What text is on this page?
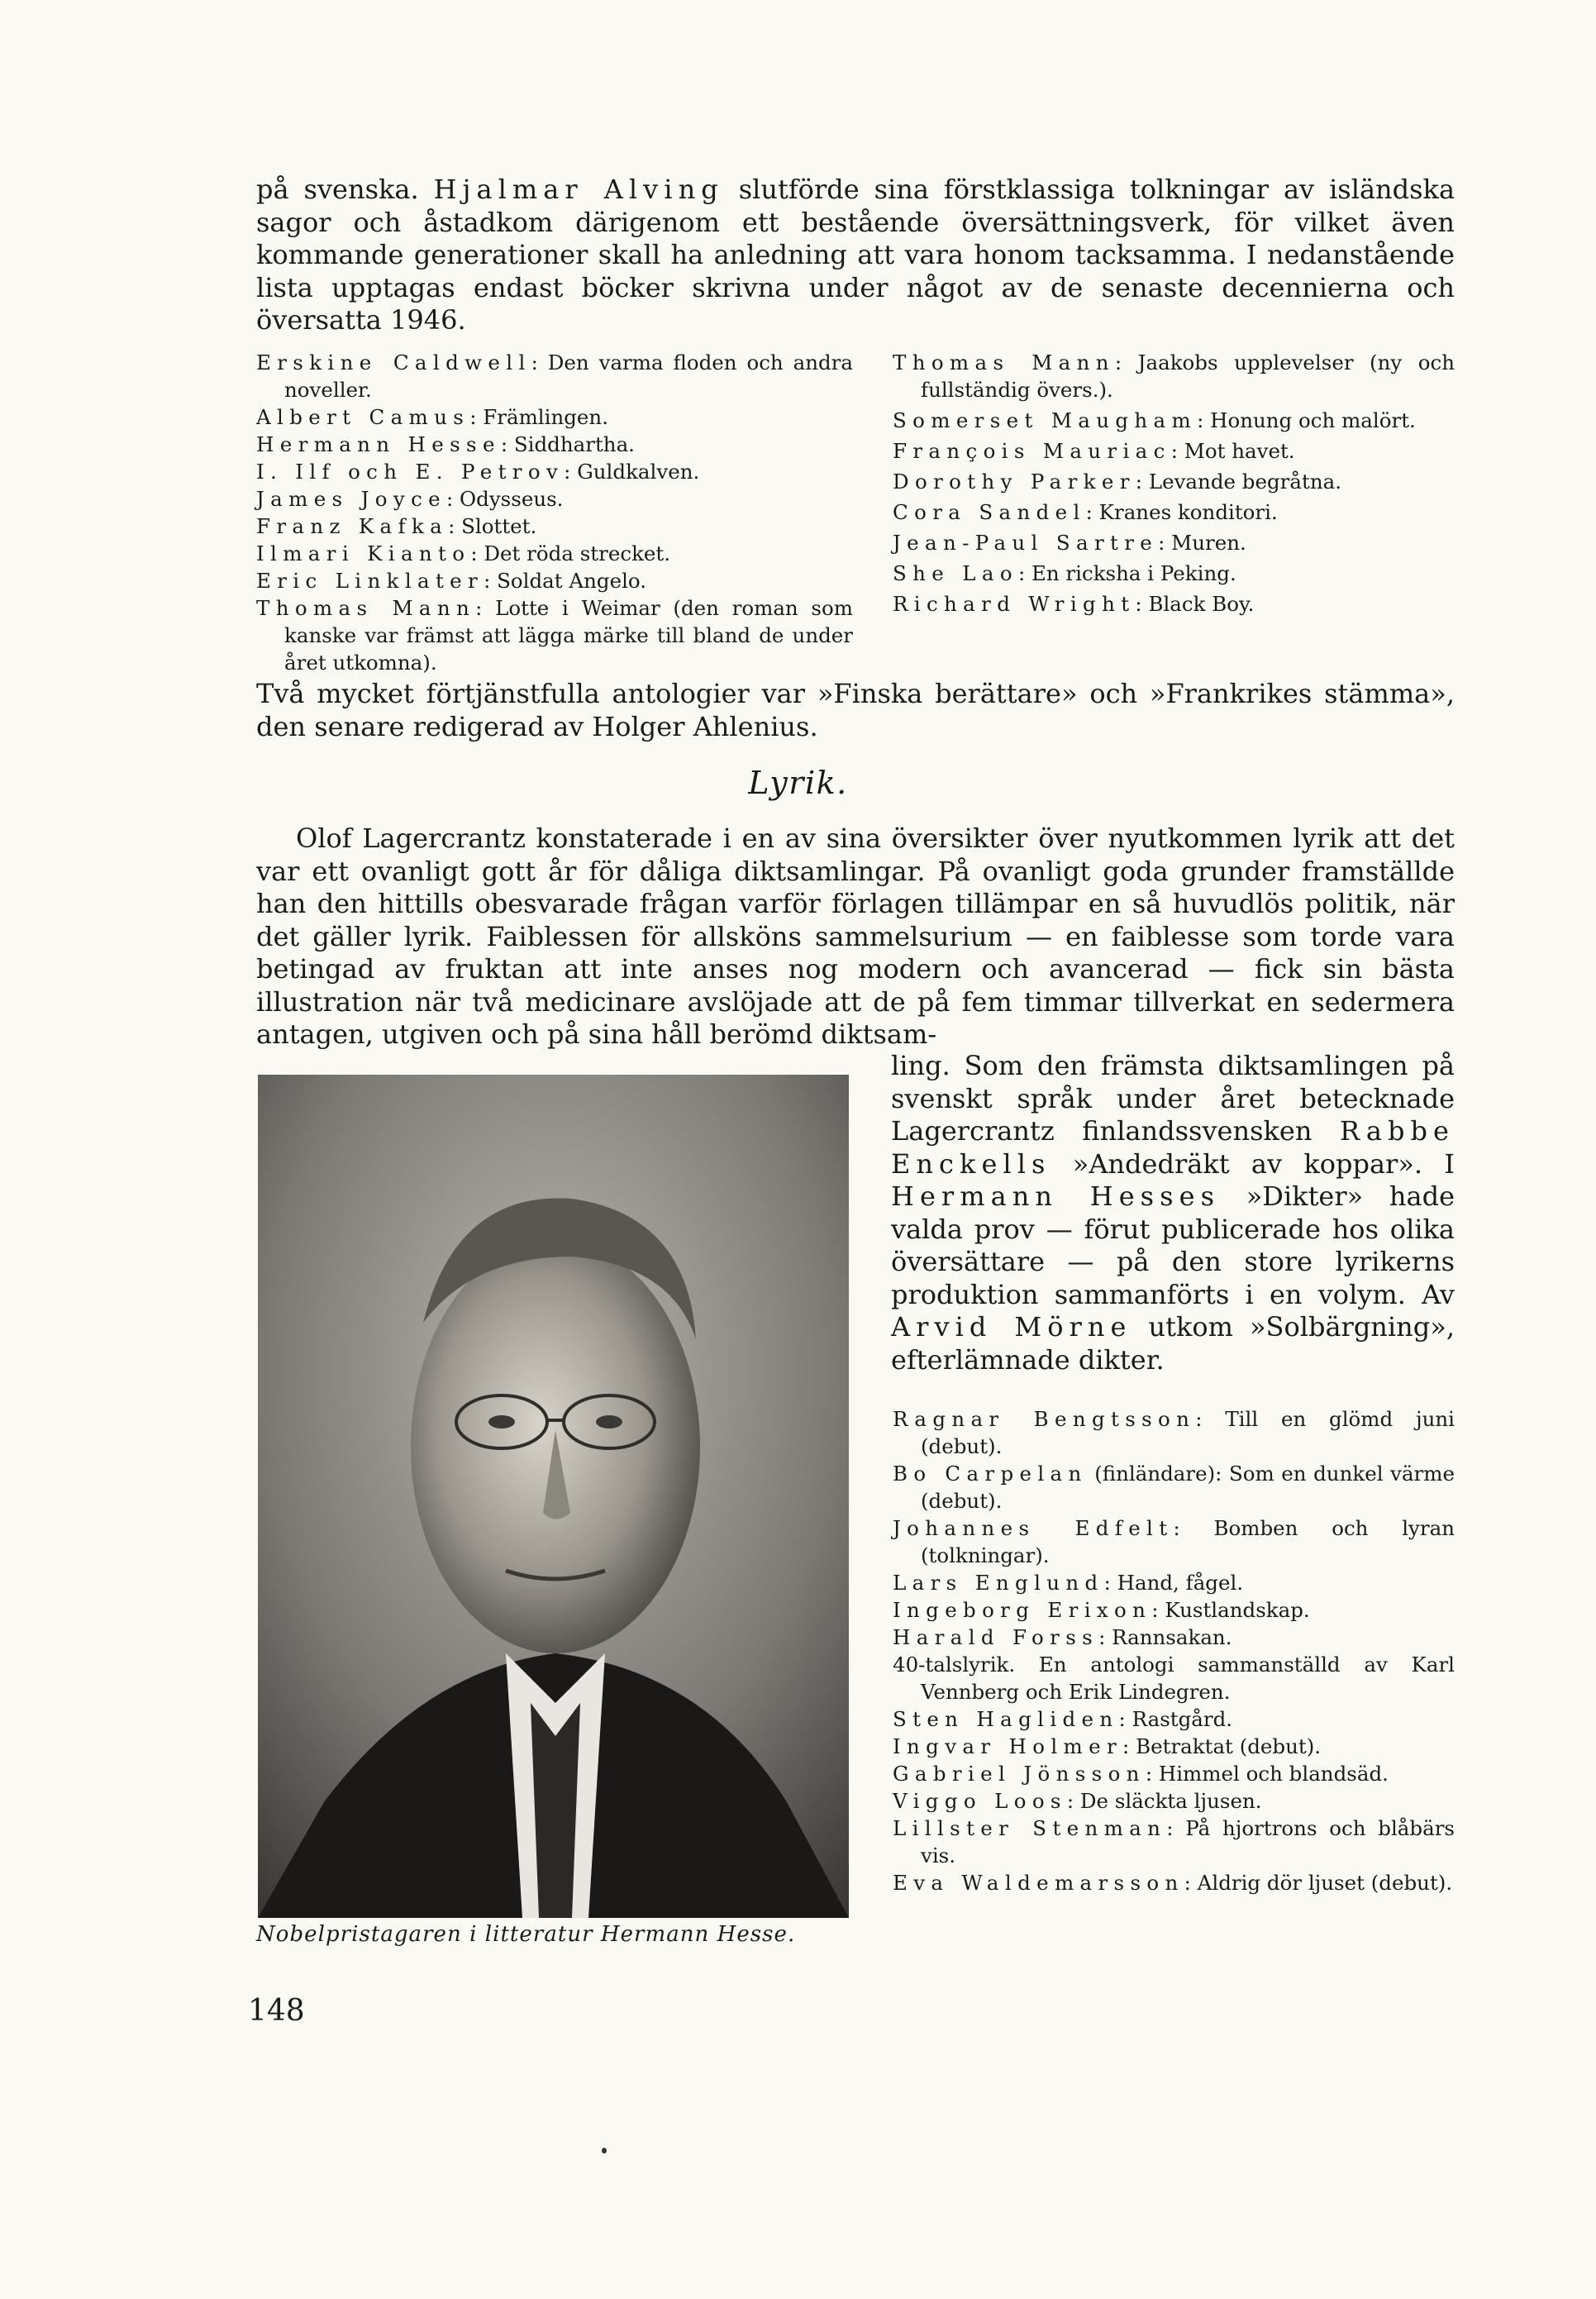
på svenska. Hjalmar Alving slutförde sina förstklassiga tolkningar av isländska sagor och åstadkom därigenom ett bestående översättningsverk, för vilket även kommande generationer skall ha anledning att vara honom tacksamma. I nedanstående lista upptagas endast böcker skrivna under något av de senaste decennierna och översatta 1946.

Erskine Caldwell: Den varma floden och andra noveller.
Albert Camus: Främlingen.
Hermann Hesse: Siddhartha.
I. Ilf och E. Petrov: Guldkalven.
James Joyce: Odysseus.
Franz Kafka: Slottet.
Ilmari Kianto: Det röda strecket.
Eric Linklater: Soldat Angelo.
Thomas Mann: Lotte i Weimar (den roman som kanske var främst att lägga märke till bland de under året utkomna).
Thomas Mann: Jaakobs upplevelser (ny och fullständig övers.).
Somerset Maugham: Honung och malört.
François Mauriac: Mot havet.
Dorothy Parker: Levande begråtna.
Cora Sandel: Kranes konditori.
Jean-Paul Sartre: Muren.
She Lao: En ricksha i Peking.
Richard Wright: Black Boy.

Två mycket förtjänstfulla antologier var »Finska berättare» och »Frankrikes stämma», den senare redigerad av Holger Ahlenius.

Lyrik.

Olof Lagercrantz konstaterade i en av sina översikter över nyutkommen lyrik att det var ett ovanligt gott år för dåliga diktsamlingar. På ovanligt goda grunder framställde han den hittills obesvarade frågan varför förlagen tillämpar en så huvudlös politik, när det gäller lyrik. Faiblessen för allsköns sammelsurium — en faiblesse som torde vara betingad av fruktan att inte anses nog modern och avancerad — fick sin bästa illustration när två medicinare avslöjade att de på fem timmar tillverkat en sedermera antagen, utgiven och på sina håll berömd diktsam-

ling. Som den främsta diktsamlingen på svenskt språk under året betecknade Lagercrantz finlandssvensken Rabbe Enckells »Andedräkt av koppar». I Hermann Hesses »Dikter» hade valda prov — förut publicerade hos olika översättare — på den store lyrikerns produktion sammanförts i en volym. Av Arvid Mörne utkom »Solbärgning», efterlämnade dikter.

Ragnar Bengtsson: Till en glömd juni (debut).
Bo Carpelan (finländare): Som en dunkel värme (debut).
Johannes Edfelt: Bomben och lyran (tolkningar).
Lars Englund: Hand, fågel.
Ingeborg Erixon: Kustlandskap.
Harald Forss: Rannsakan.
40-talslyrik. En antologi sammanställd av Karl Vennberg och Erik Lindegren.
Sten Hagliden: Rastgård.
Ingvar Holmer: Betraktat (debut).
Gabriel Jönsson: Himmel och blandsäd.
Viggo Loos: De släckta ljusen.
Lillster Stenman: På hjortrons och blåbärs vis.
Eva Waldemarsson: Aldrig dör ljuset (debut).

Nobelpristagaren i litteratur Hermann Hesse.

148
